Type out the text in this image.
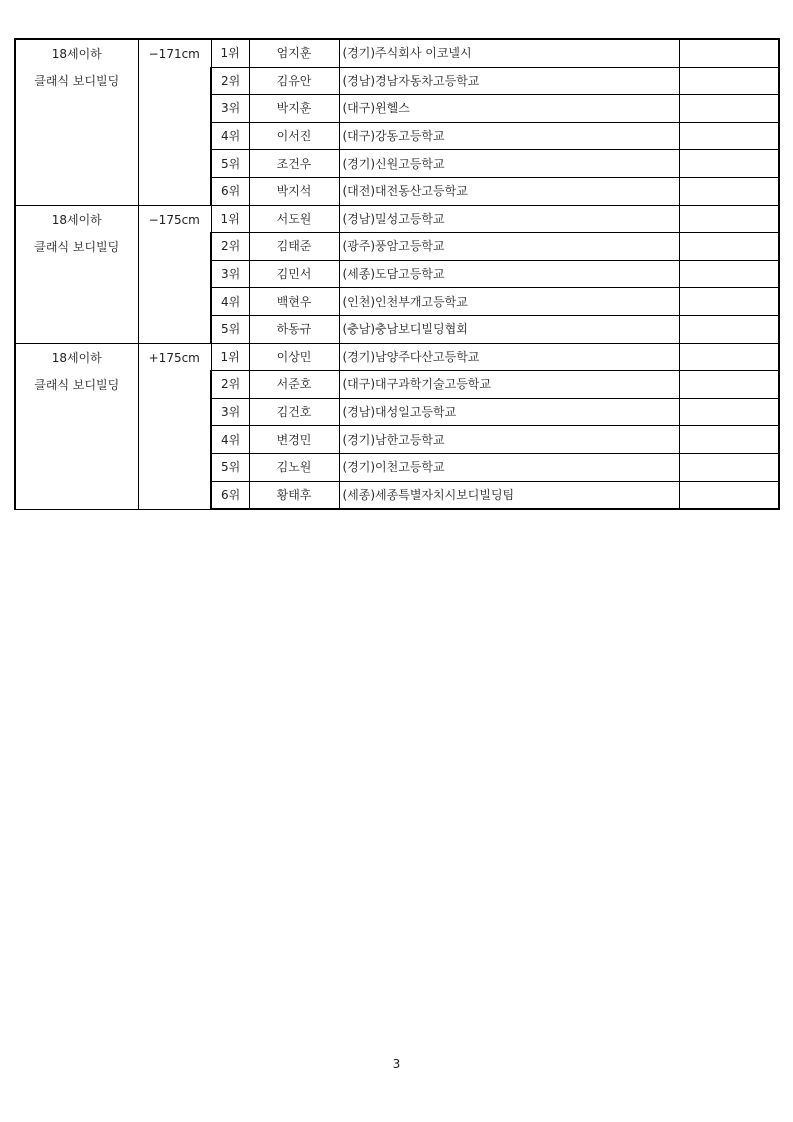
18세이하
클래식 보디빌딩	−171cm	1위	엄지훈	(경기)주식회사 이코넬시	
		2위	김유안	(경남)경남자동차고등학교	
		3위	박지훈	(대구)윈헬스	
		4위	이서진	(대구)강동고등학교	
		5위	조건우	(경기)신원고등학교	
		6위	박지석	(대전)대전동산고등학교	

18세이하
클래식 보디빌딩	−175cm	1위	서도원	(경남)밀성고등학교	
		2위	김태준	(광주)풍암고등학교	
		3위	김민서	(세종)도담고등학교	
		4위	백현우	(인천)인천부개고등학교	
		5위	하동규	(충남)충남보디빌딩협회	

18세이하
클래식 보디빌딩	+175cm	1위	이상민	(경기)남양주다산고등학교	
		2위	서준호	(대구)대구과학기술고등학교	
		3위	김건호	(경남)대성일고등학교	
		4위	변경민	(경기)남한고등학교	
		5위	김노원	(경기)이천고등학교	
		6위	황태후	(세종)세종특별자치시보디빌딩팀	
3
